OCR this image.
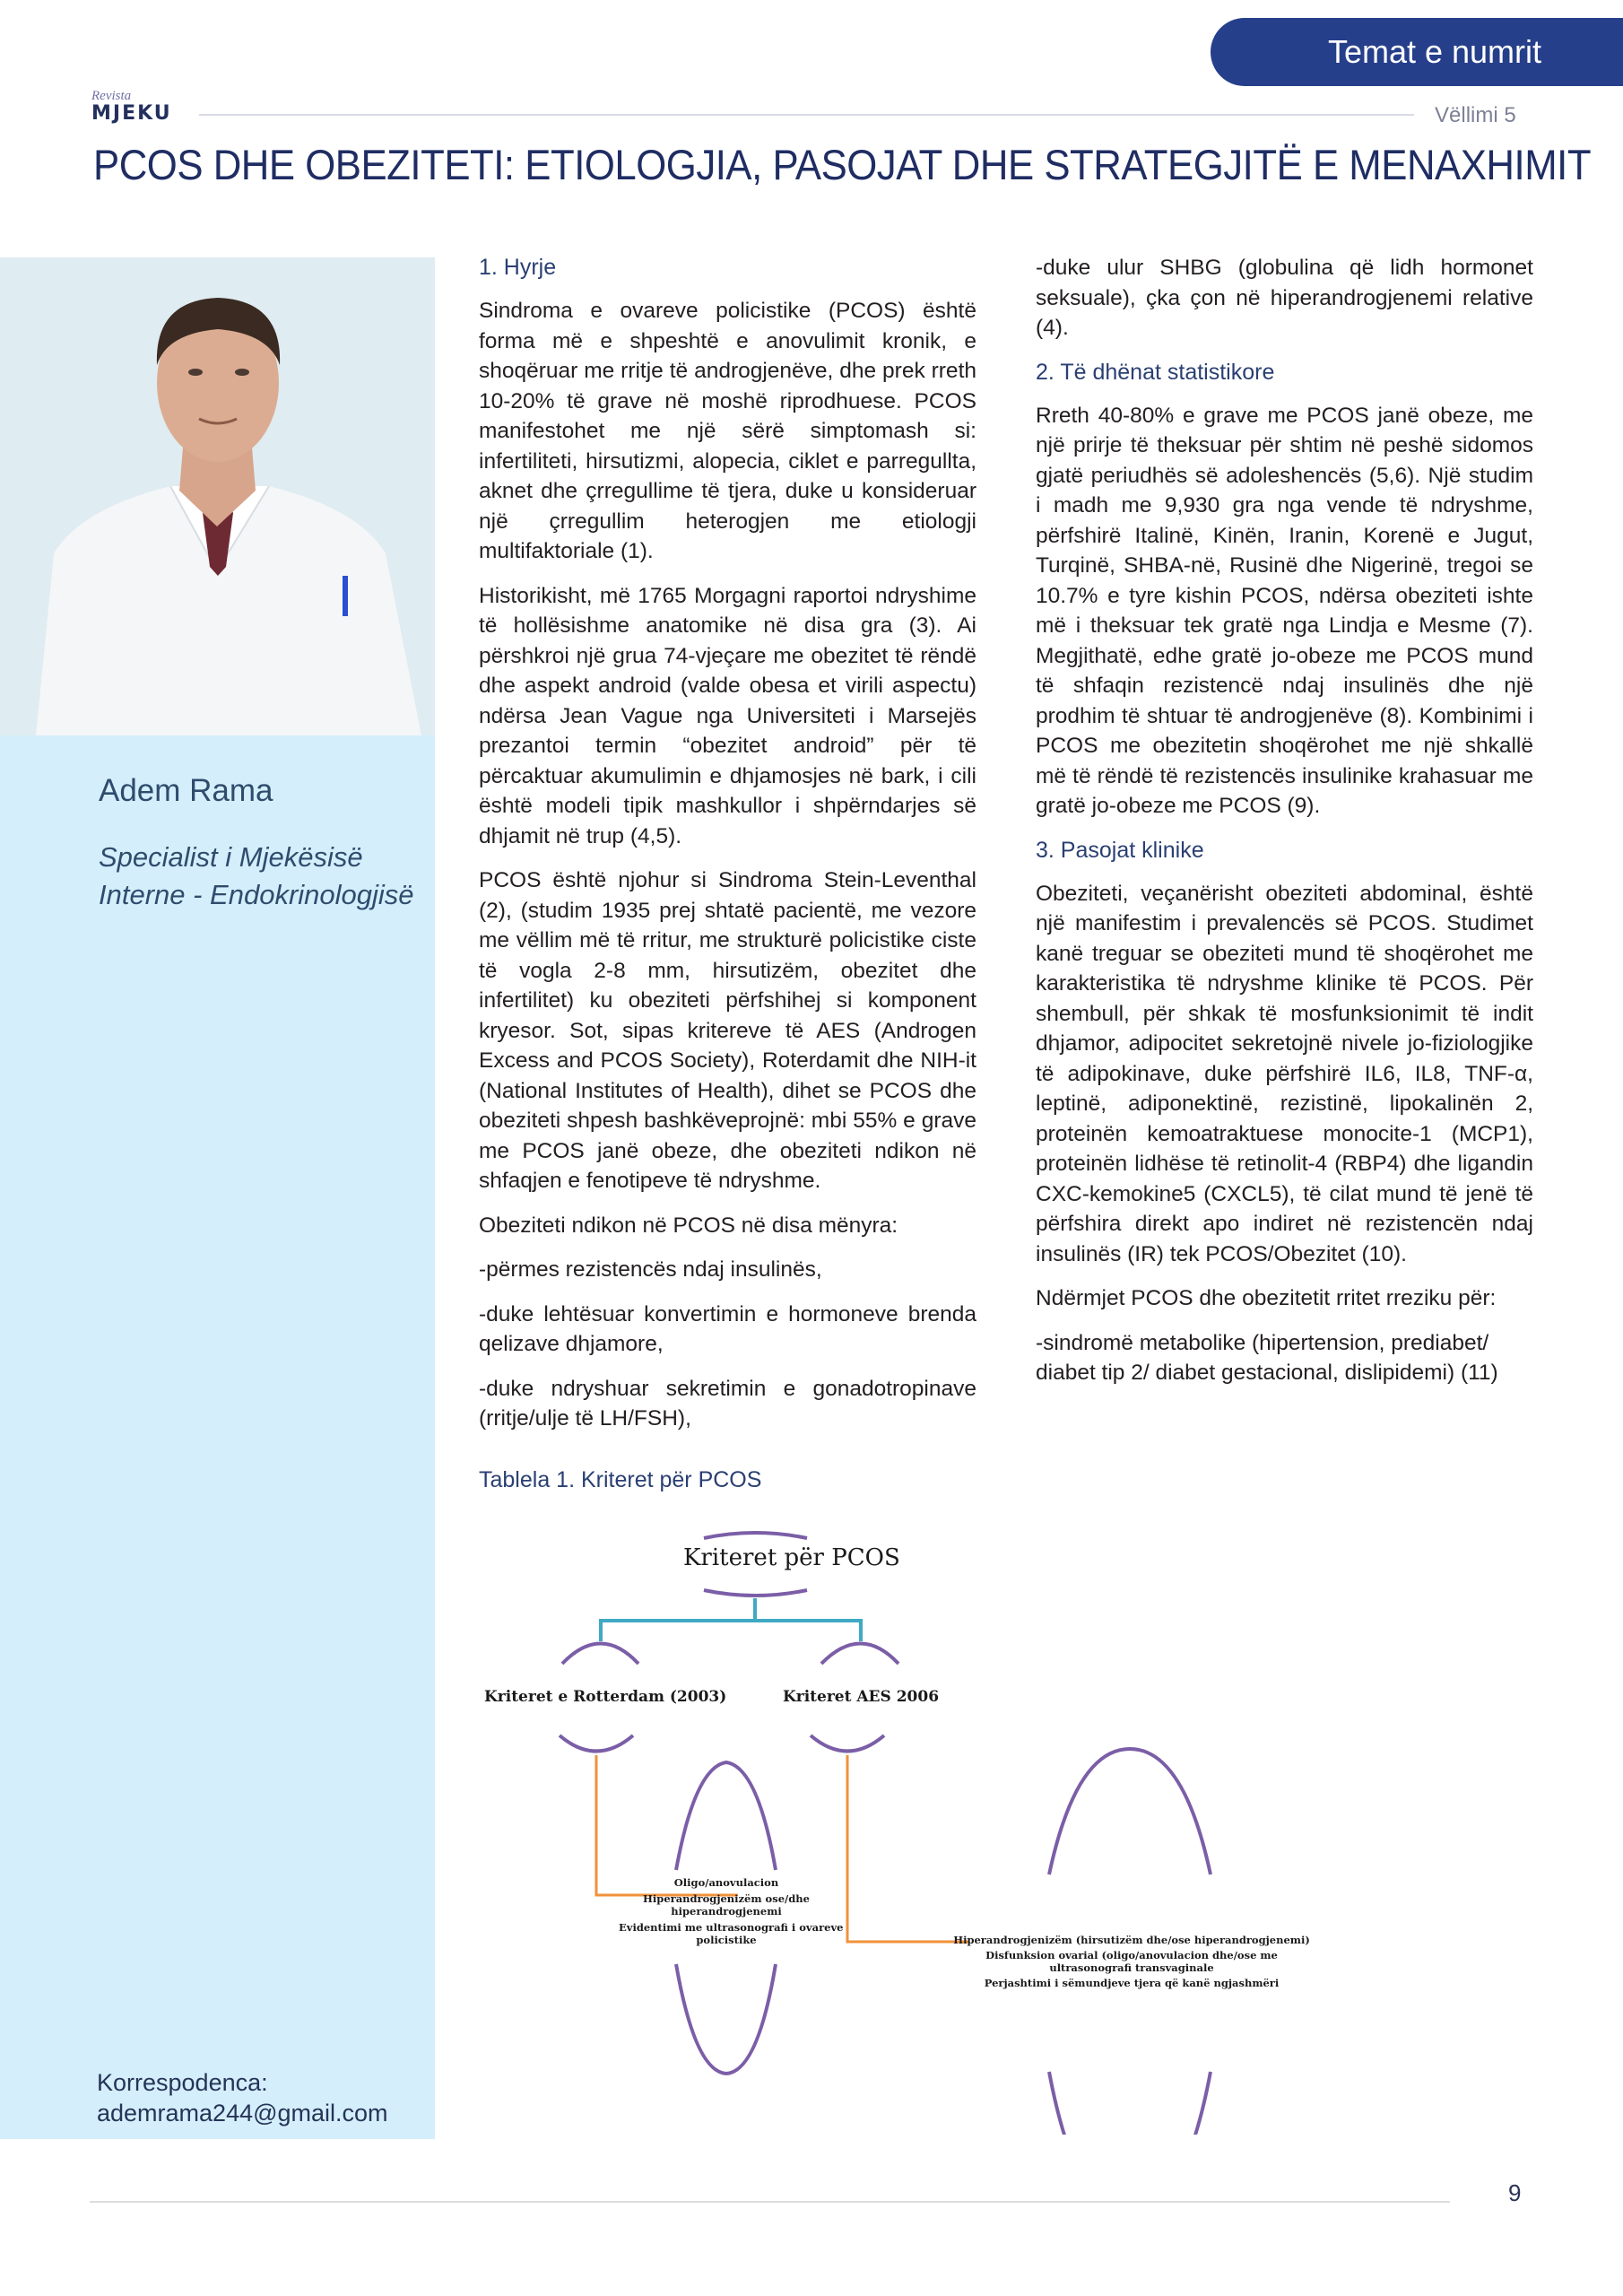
Temat e numrit
Revista
MJEKU	Vëllimi 5
PCOS DHE OBEZITETI: ETIOLOGJIA, PASOJAT DHE STRATEGJITË E MENAXHIMIT
Adem Rama
Specialist i Mjekësisë Interne - Endokrinologjisë
Korrespodenca:
ademrama244@gmail.com
1. Hyrje

Sindroma e ovareve policistike (PCOS) është forma më e shpeshtë e anovulimit kronik, e shoqëruar me rritje të androgjenëve, dhe prek rreth 10-20% të grave në moshë riprodhuese. PCOS manifestohet me një sërë simptomash si: infertiliteti, hirsutizmi, alopecia, ciklet e parregullta, aknet dhe çrregullime të tjera, duke u konsideruar një çrregullim heterogjen me etiologji multifaktoriale (1).

Historikisht, më 1765 Morgagni raportoi ndryshime të hollësishme anatomike në disa gra (3). Ai përshkroi një grua 74-vjeçare me obezitet të rëndë dhe aspekt android (valde obesa et virili aspectu) ndërsa Jean Vague nga Universiteti i Marsejës prezantoi termin “obezitet android” për të përcaktuar akumulimin e dhjamosjes në bark, i cili është modeli tipik mashkullor i shpërndarjes së dhjamit në trup (4,5).

PCOS është njohur si Sindroma Stein-Leventhal (2), (studim 1935 prej shtatë pacientë, me vezore me vëllim më të rritur, me strukturë policistike ciste të vogla 2-8 mm, hirsutizëm, obezitet dhe infertilitet) ku obeziteti përfshihej si komponent kryesor. Sot, sipas kritereve të AES (Androgen Excess and PCOS Society), Roterdamit dhe NIH-it (National Institutes of Health), dihet se PCOS dhe obeziteti shpesh bashkëveprojnë: mbi 55% e grave me PCOS janë obeze, dhe obeziteti ndikon në shfaqjen e fenotipeve të ndryshme.

Obeziteti ndikon në PCOS në disa mënyra:

-përmes rezistencës ndaj insulinës,

-duke lehtësuar konvertimin e hormoneve brenda qelizave dhjamore,

-duke ndryshuar sekretimin e gonadotropinave (rritje/ulje të LH/FSH),

-duke ulur SHBG (globulina që lidh hormonet seksuale), çka çon në hiperandrogjenemi relative (4).

2. Të dhënat statistikore

Rreth 40-80% e grave me PCOS janë obeze, me një prirje të theksuar për shtim në peshë sidomos gjatë periudhës së adoleshencës (5,6). Një studim i madh me 9,930 gra nga vende të ndryshme, përfshirë Italinë, Kinën, Iranin, Korenë e Jugut, Turqinë, SHBA-në, Rusinë dhe Nigerinë, tregoi se 10.7% e tyre kishin PCOS, ndërsa obeziteti ishte më i theksuar tek gratë nga Lindja e Mesme (7). Megjithatë, edhe gratë jo-obeze me PCOS mund të shfaqin rezistencë ndaj insulinës dhe një prodhim të shtuar të androgjenëve (8). Kombinimi i PCOS me obezitetin shoqërohet me një shkallë më të rëndë të rezistencës insulinike krahasuar me gratë jo-obeze me PCOS (9).

3. Pasojat klinike

Obeziteti, veçanërisht obeziteti abdominal, është një manifestim i prevalencës së PCOS. Studimet kanë treguar se obeziteti mund të shoqërohet me karakteristika të ndryshme klinike të PCOS. Për shembull, për shkak të mosfunksionimit të indit dhjamor, adipocitet sekretojnë nivele jo-fiziologjike të adipokinave, duke përfshirë IL6, IL8, TNF-α, leptinë, adiponektinë, rezistinë, lipokalinën 2, proteinën kemoatraktuese monocite-1 (MCP1), proteinën lidhëse të retinolit-4 (RBP4) dhe ligandin CXC-kemokine5 (CXCL5), të cilat mund të jenë të përfshira direkt apo indiret në rezistencën ndaj insulinës (IR) tek PCOS/Obezitet (10).

Ndërmjet PCOS dhe obezitetit rritet rreziku për:

-sindromë metabolike (hipertension, prediabet/ diabet tip 2/ diabet gestacional, dislipidemi) (11)

Tablela 1. Kriteret për PCOS
Kriteret për PCOS
Kriteret e Rotterdam (2003)	Kriteret AES 2006
Oligo/anovulacion
Hiperandrogjenizëm ose/dhe
hiperandrogjenemi
Evidentimi me ultrasonografi i ovareve
policistike	Hiperandrogjenizëm (hirsutizëm dhe/ose hiperandrogjenemi)
Disfunksion ovarial (oligo/anovulacion dhe/ose me
ultrasonografi transvaginale
Perjashtimi i sëmundjeve tjera që kanë ngjashmëri
9
